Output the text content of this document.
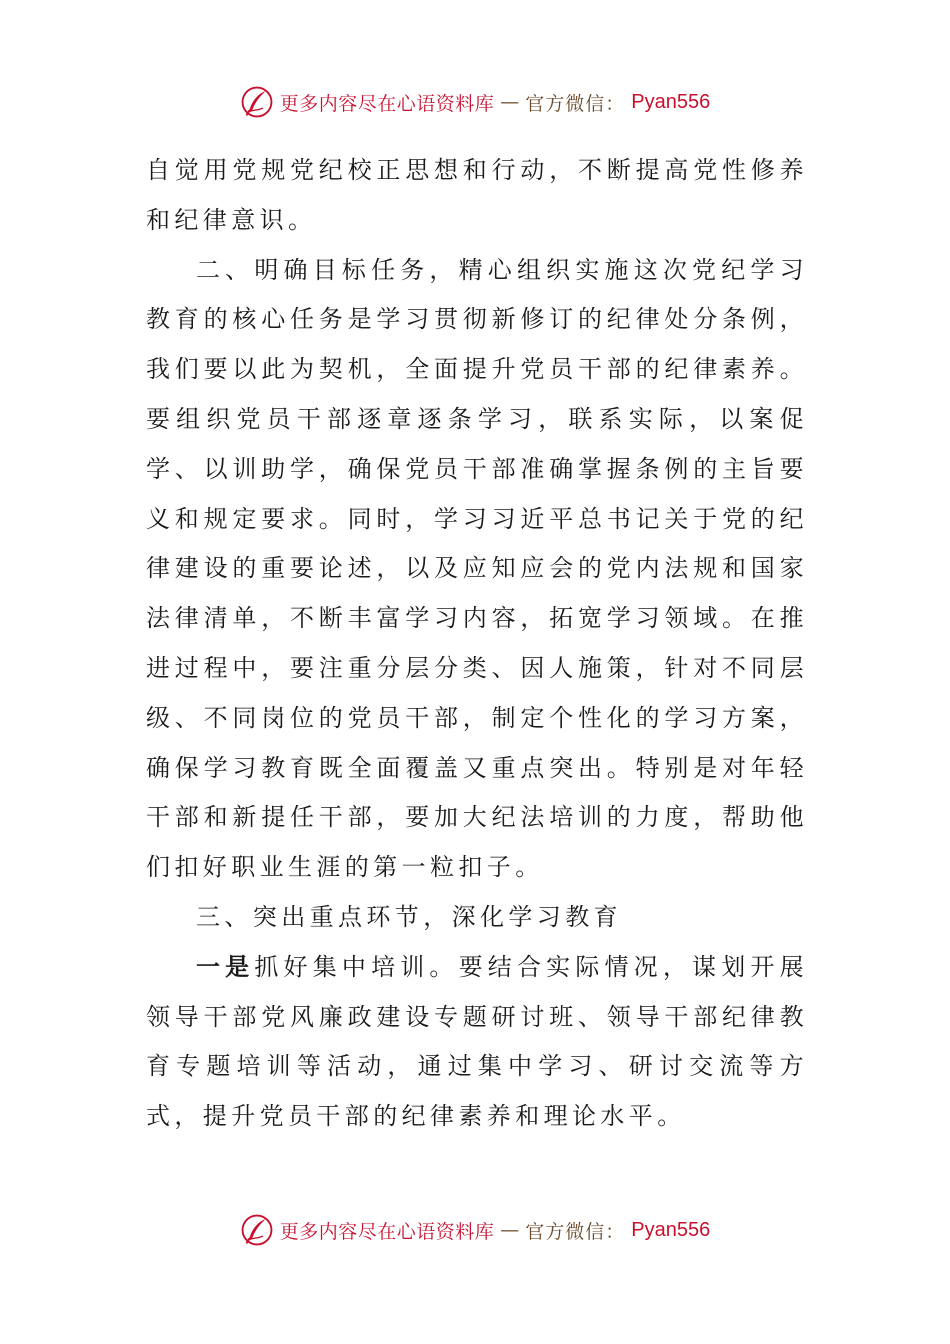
更多内容尽在心语资料库 — 官方微信： Pyan556

自觉用党规党纪校正思想和行动，不断提高党性修养和纪律意识。

二、明确目标任务，精心组织实施这次党纪学习教育的核心任务是学习贯彻新修订的纪律处分条例，我们要以此为契机，全面提升党员干部的纪律素养。要组织党员干部逐章逐条学习，联系实际，以案促学、以训助学，确保党员干部准确掌握条例的主旨要义和规定要求。同时，学习习近平总书记关于党的纪律建设的重要论述，以及应知应会的党内法规和国家法律清单，不断丰富学习内容，拓宽学习领域。在推进过程中，要注重分层分类、因人施策，针对不同层级、不同岗位的党员干部，制定个性化的学习方案，确保学习教育既全面覆盖又重点突出。特别是对年轻干部和新提任干部，要加大纪法培训的力度，帮助他们扣好职业生涯的第一粒扣子。

三、突出重点环节，深化学习教育

一是抓好集中培训。要结合实际情况，谋划开展领导干部党风廉政建设专题研讨班、领导干部纪律教育专题培训等活动，通过集中学习、研讨交流等方式，提升党员干部的纪律素养和理论水平。

更多内容尽在心语资料库 — 官方微信： Pyan556
